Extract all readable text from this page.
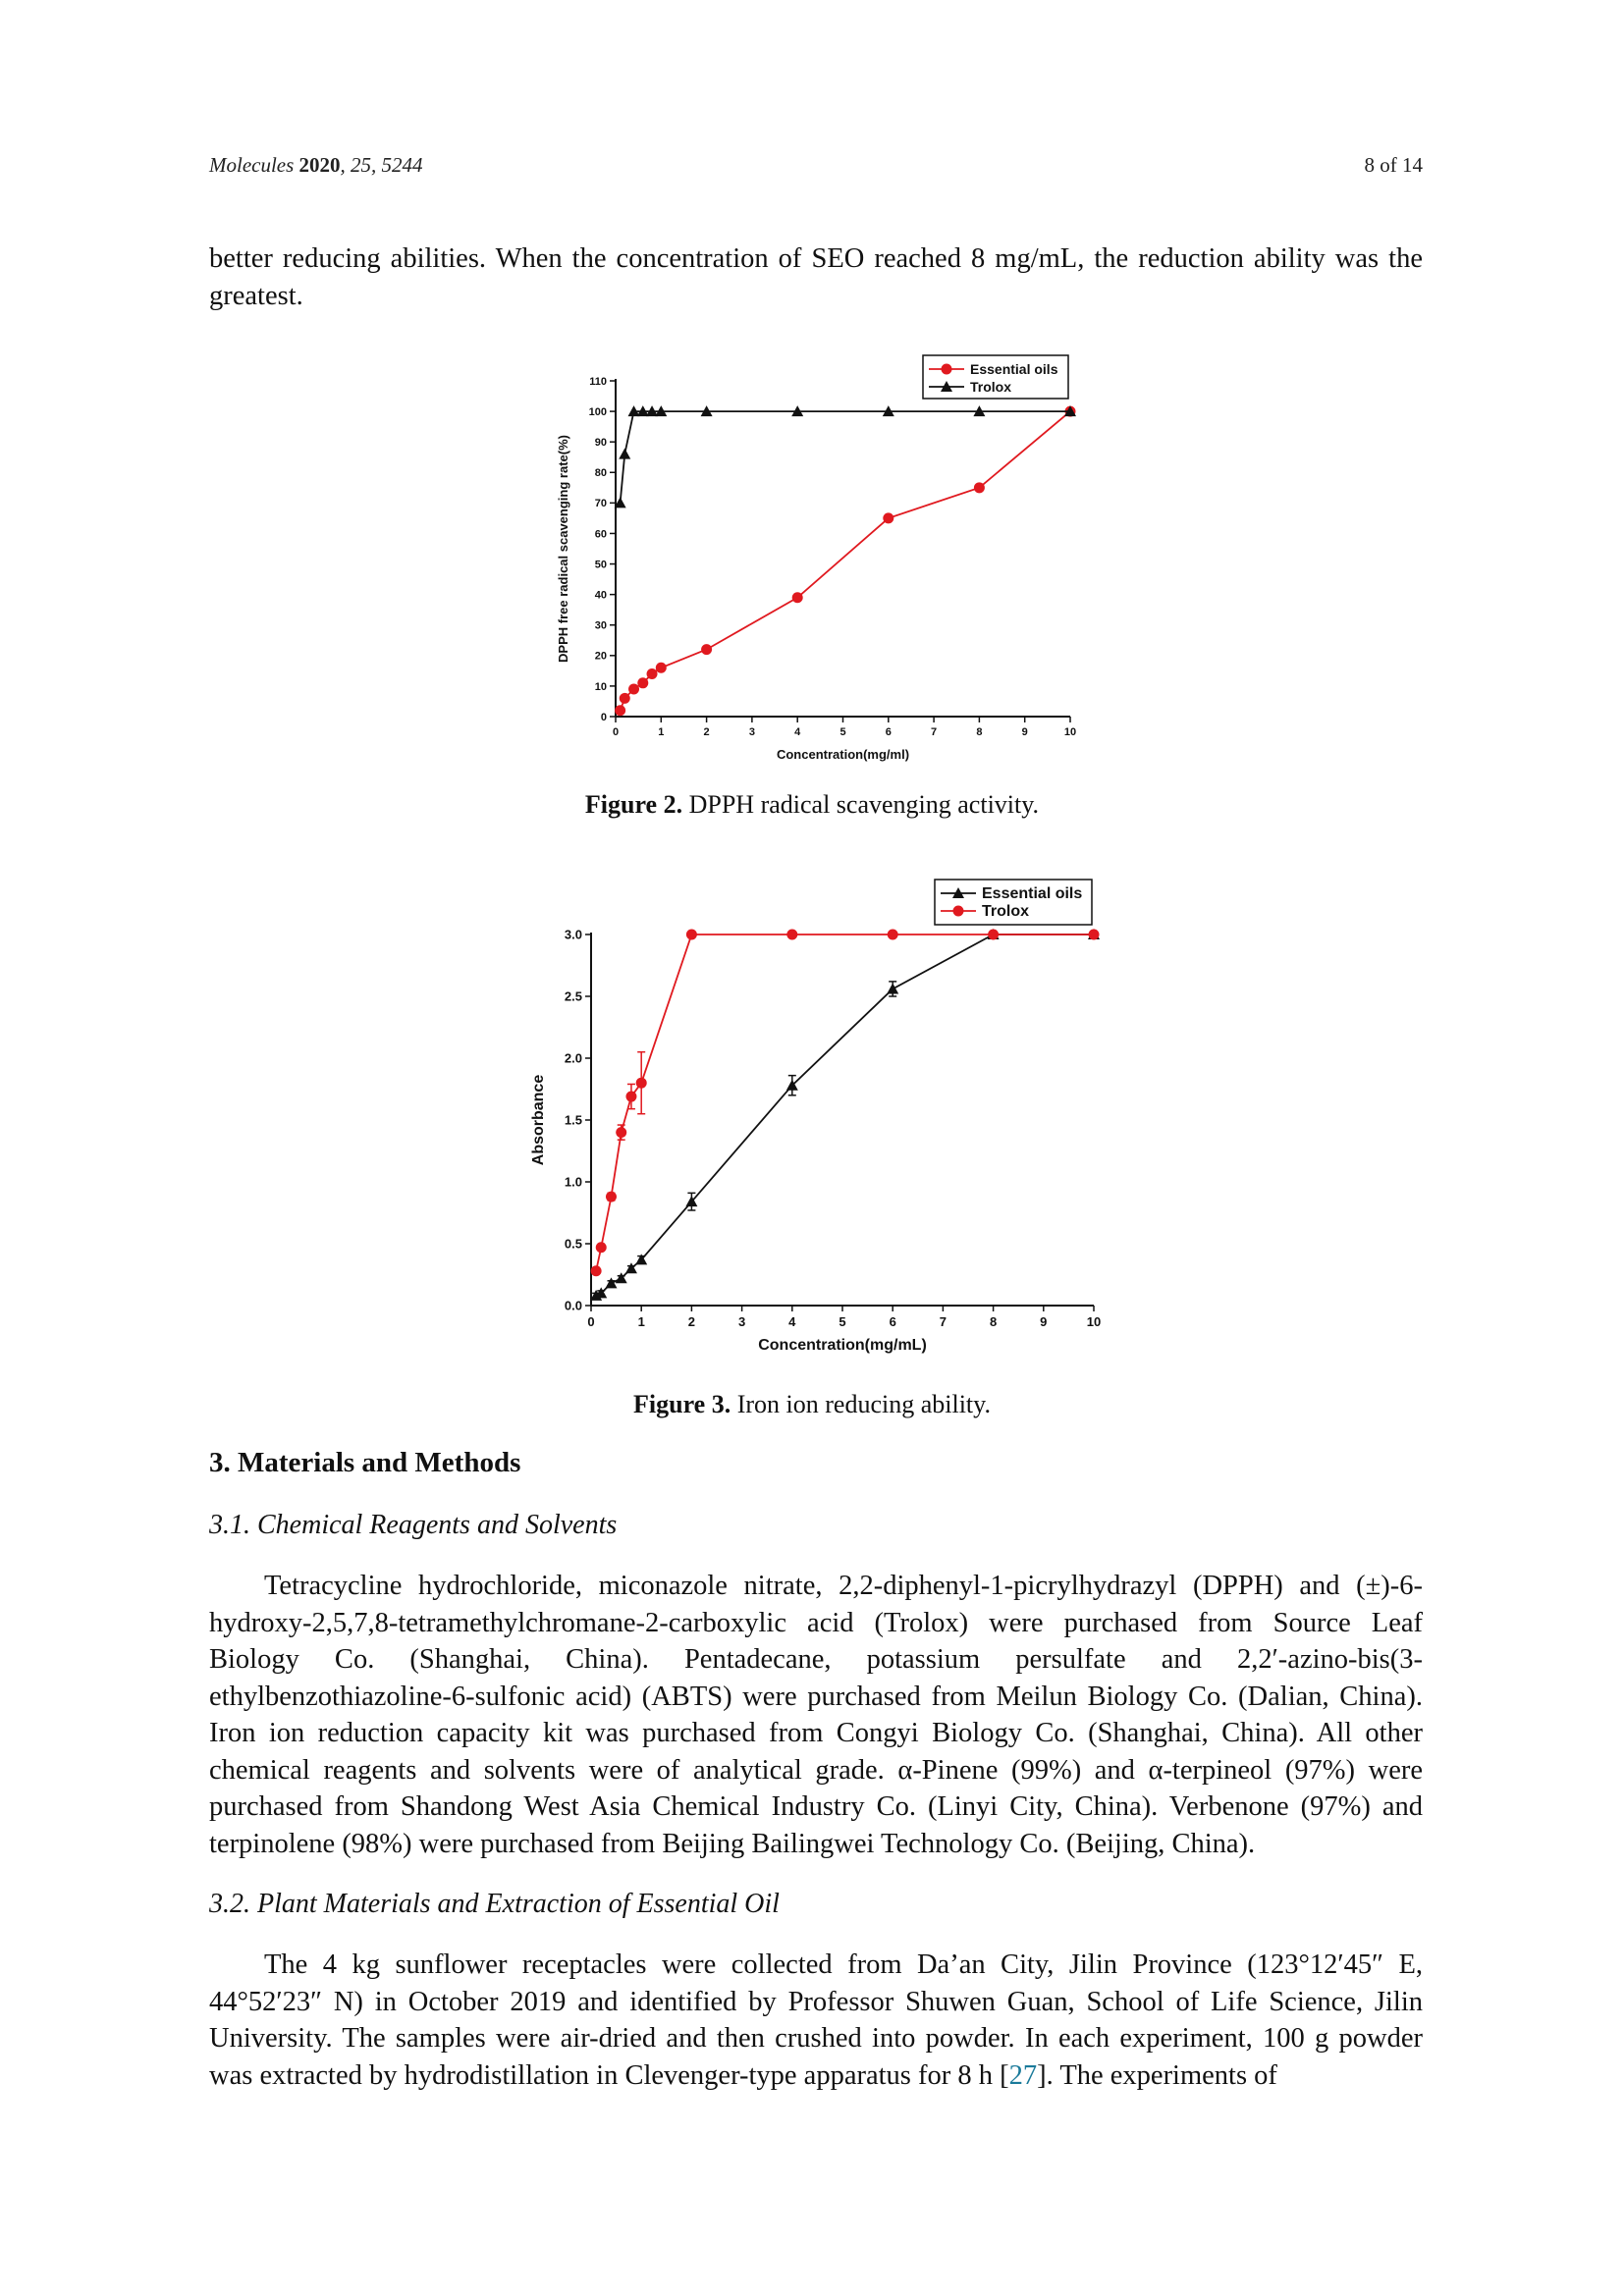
Molecules 2020, 25, 5244	8 of 14
better reducing abilities. When the concentration of SEO reached 8 mg/mL, the reduction ability was the greatest.
0	1	2	3	4	5	6	7	8	9	10
0
10
20
30
40
50
60
70
80
90
100
110
Concentration(mg/ml)
DPPH free radical scavenging rate(%)
Essential oils
Trolox
Figure 2. DPPH radical scavenging activity.
0	1	2	3	4	5	6	7	8	9	10
0.0
0.5
1.0
1.5
2.0
2.5
3.0
Concentration(mg/mL)
Absorbance
Essential oils
Trolox
Figure 3. Iron ion reducing ability.
3. Materials and Methods
3.1. Chemical Reagents and Solvents
Tetracycline hydrochloride, miconazole nitrate, 2,2-diphenyl-1-picrylhydrazyl (DPPH) and (±)-6-hydroxy-2,5,7,8-tetramethylchromane-2-carboxylic acid (Trolox) were purchased from Source Leaf Biology Co. (Shanghai, China). Pentadecane, potassium persulfate and 2,2′-azino-bis(3-ethylbenzothiazoline-6-sulfonic acid) (ABTS) were purchased from Meilun Biology Co. (Dalian, China). Iron ion reduction capacity kit was purchased from Congyi Biology Co. (Shanghai, China). All other chemical reagents and solvents were of analytical grade. α-Pinene (99%) and α-terpineol (97%) were purchased from Shandong West Asia Chemical Industry Co. (Linyi City, China). Verbenone (97%) and terpinolene (98%) were purchased from Beijing Bailingwei Technology Co. (Beijing, China).
3.2. Plant Materials and Extraction of Essential Oil
The 4 kg sunflower receptacles were collected from Da’an City, Jilin Province (123°12′45″ E, 44°52′23″ N) in October 2019 and identified by Professor Shuwen Guan, School of Life Science, Jilin University. The samples were air-dried and then crushed into powder. In each experiment, 100 g powder was extracted by hydrodistillation in Clevenger-type apparatus for 8 h [27]. The experiments of
